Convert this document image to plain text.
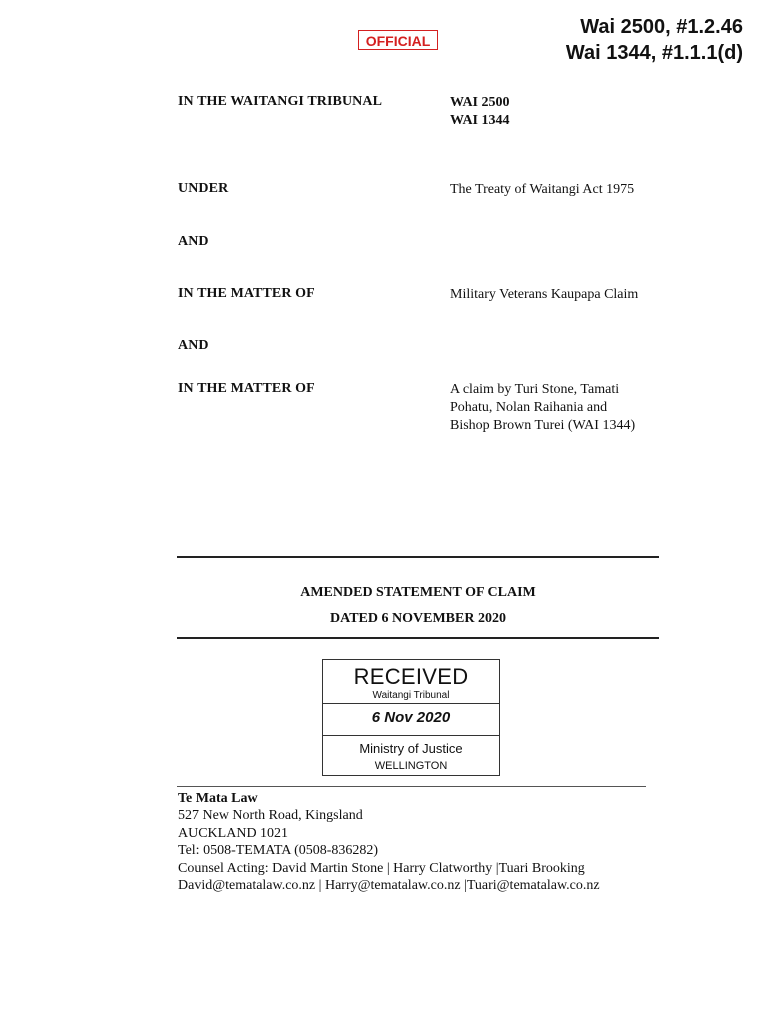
OFFICIAL
Wai 2500, #1.2.46
Wai 1344, #1.1.1(d)
IN THE WAITANGI TRIBUNAL	WAI 2500
WAI 1344
UNDER	The Treaty of Waitangi Act 1975
AND
IN THE MATTER OF	Military Veterans Kaupapa Claim
AND
IN THE MATTER OF	A claim by Turi Stone, Tamati
Pohatu, Nolan Raihania and
Bishop Brown Turei (WAI 1344)
AMENDED STATEMENT OF CLAIM
DATED 6 NOVEMBER 2020
RECEIVED
Waitangi Tribunal
6 Nov 2020
Ministry of Justice
WELLINGTON
Te Mata Law
527 New North Road, Kingsland
AUCKLAND 1021
Tel: 0508-TEMATA (0508-836282)
Counsel Acting: David Martin Stone | Harry Clatworthy |Tuari Brooking
David@tematalaw.co.nz | Harry@tematalaw.co.nz |Tuari@tematalaw.co.nz
